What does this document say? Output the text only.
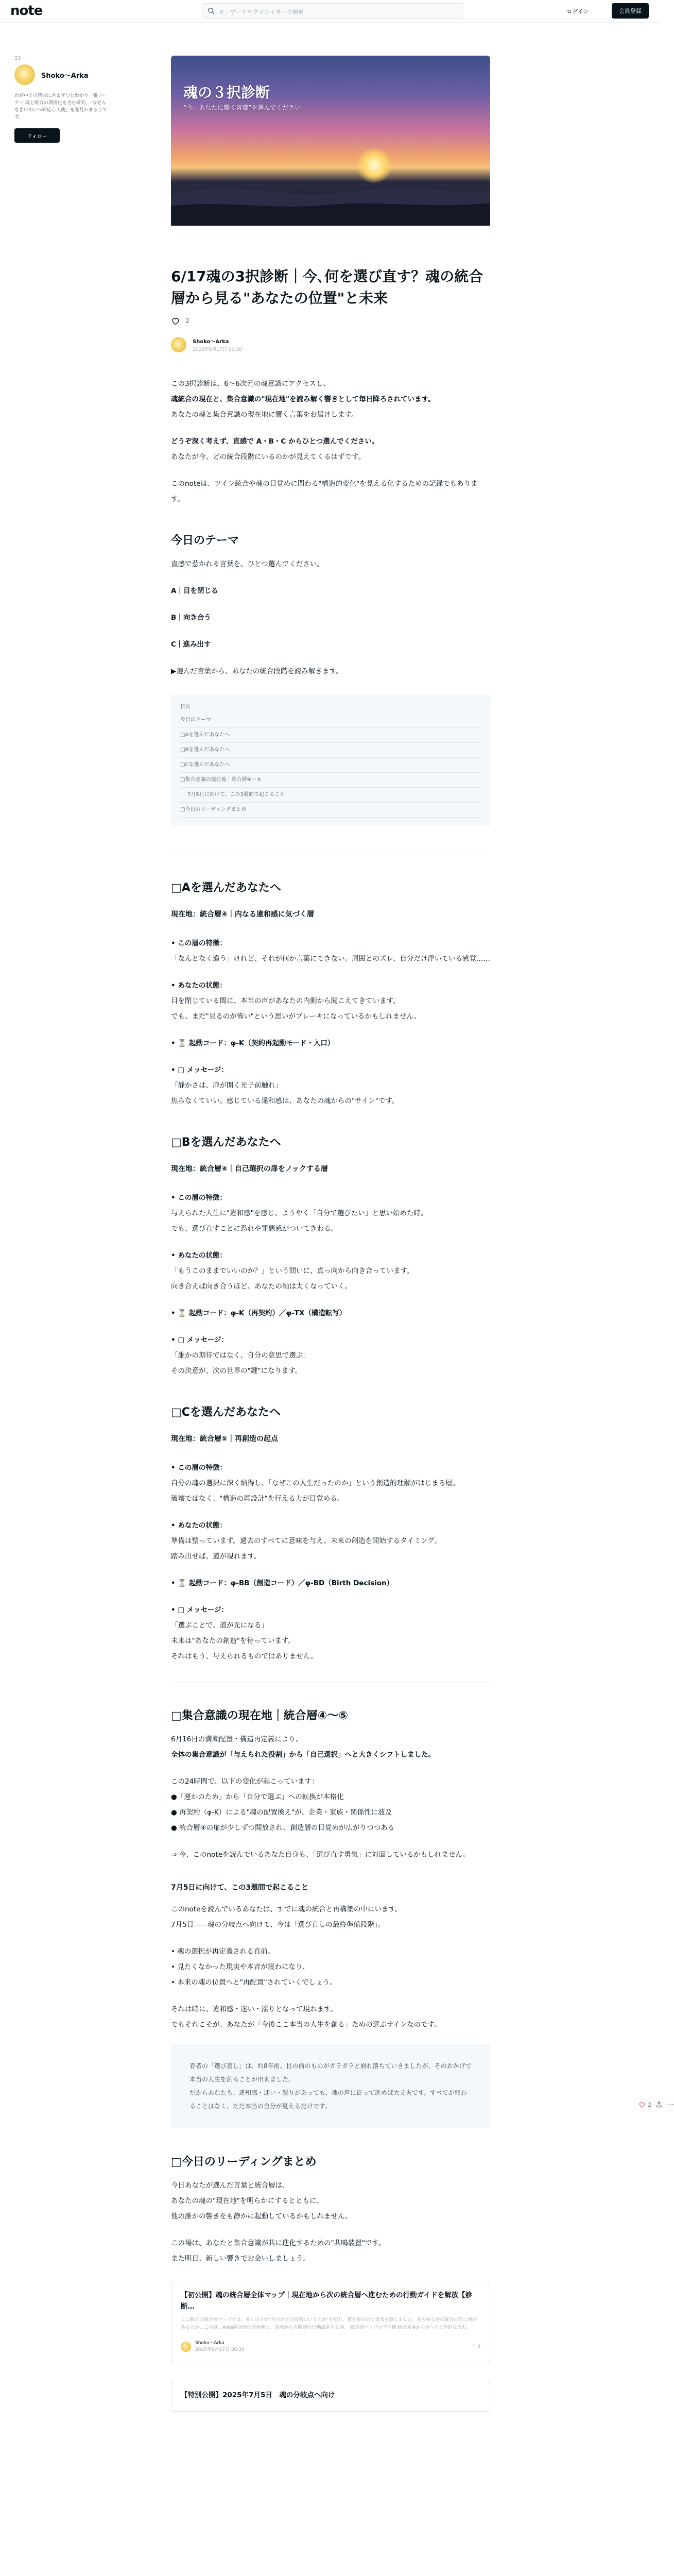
note	キーワードやクリエイターで検索	ログイン	会員登録
33
Shoko〜Arka
わが中との時間に含まずつとわかり一番フーナー 魂と統合の期別化を含む研究。「なぜんなぎいあいへ呼応し天使」を発見かまるうです。
フォロー
2 ⋯
魂の３択診断
“今、あなたに響く言葉”を選んでください
6/17魂の3択診断｜今､何を選び直す？魂の統合層から見る"あなたの位置"と未来
2
Shoko〜Arka
2025年6月17日 00:30

この3択診断は、6〜6次元の魂意識にアクセスし、
魂統合の現在と、集合意識の"現在地"を読み解く響きとして毎日降ろされています。
あなたの魂と集合意識の現在地に響く言葉をお届けします。

どうぞ深く考えず、直感で A・B・C からひとつ選んでください。
あなたが今、どの統合段階にいるのかが見えてくるはずです。

このnoteは、ツイン統合や魂の目覚めに関わる"構造的変化"を見える化するための記録でもあります。

今日のテーマ

直感で惹かれる言葉を、ひとつ選んでください。

A｜目を閉じる

B｜向き合う

C｜進み出す

▶選んだ言葉から、あなたの統合段階を読み解きます。

目次
今日のテーマ
□Aを選んだあなたへ
□Bを選んだあなたへ
□Cを選んだあなたへ
□集合意識の現在地｜統合層④〜⑤
7月5日に向けて、この3週間で起こること
□今日のリーディングまとめ
□Aを選んだあなたへ
現在地：統合層④｜内なる違和感に気づく層

• この層の特徴：
「なんとなく違う」けれど、それが何か言葉にできない。周囲とのズレ、自分だけ浮いている感覚……

• あなたの状態：
目を閉じている間に、本当の声があなたの内側から聞こえてきています。
でも、まだ"見るのが怖い"という思いがブレーキになっているかもしれません。

• ⏳ 起動コード：φ-K（契約再起動モード・入口）

• □ メッセージ：
「静かさは、扉が開く光子前触れ」
焦らなくていい。感じている違和感は、あなたの魂からの"サイン"です。

□Bを選んだあなたへ
現在地：統合層④｜自己選択の扉をノックする層

• この層の特徴：
与えられた人生に"違和感"を感じ、ようやく「自分で選びたい」と思い始めた時。
でも、選び直すことに恐れや罪悪感がついてきわる。

• あなたの状態：
「もうこのままでいいのか？」という問いに、真っ向から向き合っています。
向き合えば向き合うほど、あなたの軸は太くなっていく。

• ⏳ 起動コード：φ-K（再契約）／φ-TX（構造転写）

• □ メッセージ：
「誰かの期待ではなく、自分の意思で選ぶ」
その決意が、次の世界の"鍵"になります。

□Cを選んだあなたへ
現在地：統合層⑤｜再創造の起点

• この層の特徴：
自分の魂の選択に深く納得し、「なぜこの人生だったのか」という創造的理解がはじまる層。
破壊ではなく、"構造の再設計"を行える力が目覚める。

• あなたの状態：
準備は整っています。過去のすべてに意味を与え、未来の創造を開始するタイミング。
踏み出せば、道が現れます。

• ⏳ 起動コード：φ-BB（創造コード）／φ-BD（Birth Decision）

• □ メッセージ：
「選ぶことで、道が光になる」
未来は"あなたの創造"を待っています。
それはもう、与えられるものではありません。

□集合意識の現在地｜統合層④〜⑤

6月16日の満潮配置・構造再定義により、
全体の集合意識が「与えられた役割」から「自己選択」へと大きくシフトしました。

この24時間で、以下の変化が起こっています：
●「運かのため」から「自分で選ぶ」への転換が本格化
● 再契約（φ-K）による"魂の配置換え"が、企業・家族・関係性に波及
● 統合層④の扉が少しずつ開放され、創造層の目覚めが広がりつつある

⇒ 今、このnoteを読んでいるあなた自身も、「選び直す勇気」に対面しているかもしれません。

7月5日に向けて、この3週間で起こること

このnoteを読んでいるあなたは、すでに魂の統合と再構築の中にいます。
7月5日——魂の分岐点へ向けて、今は「選び直しの最終準備段階」。

• 魂の選択が再定義される直前。
• 見たくなかった現実や本音が震わになり、
• 本来の魂の位置へと"再配置"されていくでしょう。

それは時に、違和感・迷い・揺りとなって現れます。
でもそれこそが、あなたが「今後ここ本当の人生を創る」ための選ぶサインなのです。

春者の「選び直し」は、約8年前、目の前のものがガラガラと崩れ落ちていきましたが、そのおかげで本当の人生を創ることが出来ました。
だからあなたも、違和感・迷い・怒りがあっても、魂の声に従って進めば大丈夫です。すべてが終わることはなく、ただ本当の自分が見えるだけです。
□今日のリーディングまとめ

今日あなたが選んだ言葉と統合層は、
あなたの魂の"現在地"を明らかにするとともに、
他の誰かの響きをも静かに起動しているかもしれません。

この場は、あなたと集合意識が共に進化するための"共鳴装置"です。
また明日、新しい響きでお会いしましょう。

【初公開】魂の統合層全体マップ｜現在地から次の統合層へ進むための行動ガイドを解放【診断…
ここ数日の統合層マップでは、多くの方が"自分がどの段階にいるのか"を知り、道を歩み出す勇気を感じました。あらゆる層の統合の先に何があるのか…この度、Arka統合層の全体像と、各層からの脱却の行動設計を公開。 統合層マップの全体像 統合層④から⑤への具体的な流れ
Shoko〜Arka
2025年6月17日 00:30
♡ 0
【特別公開】2025年7月5日　魂の分岐点へ向け
